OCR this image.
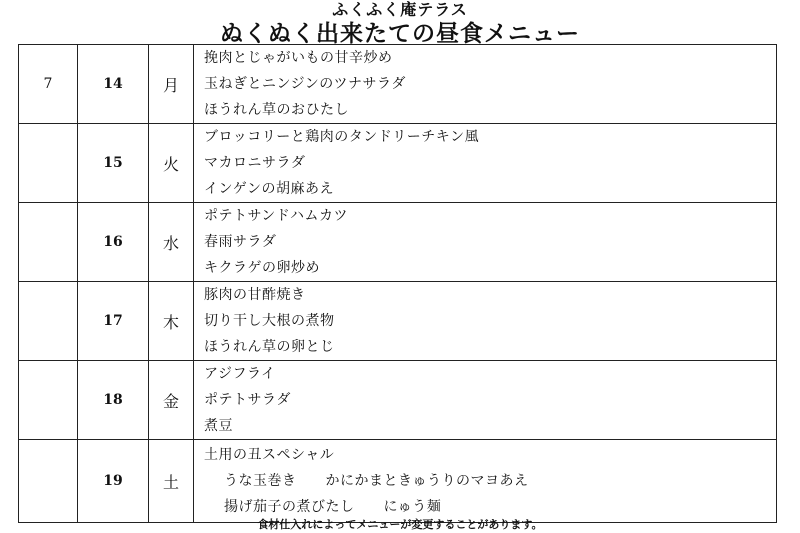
ふくふく庵テラス
ぬくぬく出来たての昼食メニュー
7	14	月	挽肉とじゃがいもの甘辛炒め
玉ねぎとニンジンのツナサラダ
ほうれん草のおひたし

	15	火	ブロッコリーと鶏肉のタンドリーチキン風
マカロニサラダ
インゲンの胡麻あえ

	16	水	ポテトサンドハムカツ
春雨サラダ
キクラゲの卵炒め

	17	木	豚肉の甘酢焼き
切り干し大根の煮物
ほうれん草の卵とじ

	18	金	アジフライ
ポテトサラダ
煮豆

	19	土	土用の丑スペシャル
うな玉巻き　　かにかまときゅうりのマヨあえ
揚げ茄子の煮びたし　　にゅう麺
食材仕入れによってメニューが変更することがあります。
